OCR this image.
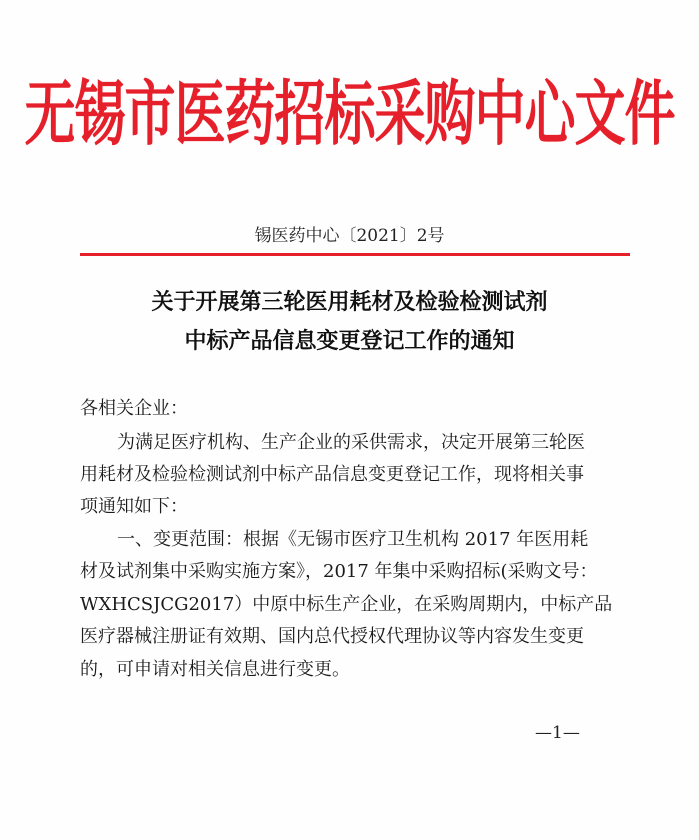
无锡市医药招标采购中心文件
锡医药中心〔2021〕2号
关于开展第三轮医用耗材及检验检测试剂
中标产品信息变更登记工作的通知
各相关企业：
为满足医疗机构、生产企业的采供需求，决定开展第三轮医
用耗材及检验检测试剂中标产品信息变更登记工作，现将相关事
项通知如下：
一、变更范围：根据《无锡市医疗卫生机构 2017 年医用耗
材及试剂集中采购实施方案》，2017 年集中采购招标(采购文号：
WXHCSJCG2017）中原中标生产企业，在采购周期内，中标产品
医疗器械注册证有效期、国内总代授权代理协议等内容发生变更
的，可申请对相关信息进行变更。
—1—
